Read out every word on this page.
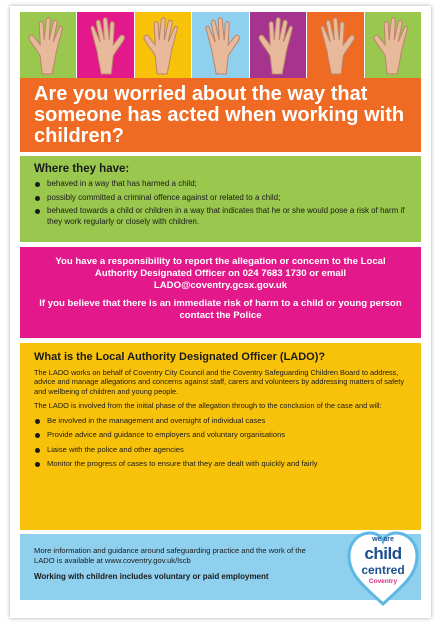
Are you worried about the way that someone has acted when working with children?
Where they have:
behaved in a way that has harmed a child;
possibly committed a criminal offence against or related to a child;
behaved towards a child or children in a way that indicates that he or she would pose a risk of harm if they work regularly or closely with children.

You have a responsibility to report the allegation or concern to the Local Authority Designated Officer on 024 7683 1730 or email LADO@coventry.gcsx.gov.uk

If you believe that there is an immediate risk of harm to a child or young person contact the Police

What is the Local Authority Designated Officer (LADO)?

The LADO works on behalf of Coventry City Council and the Coventry Safeguarding Children Board to address, advice and manage allegations and concerns against staff, carers and volunteers by addressing matters of safety and wellbeing of children and young people.

The LADO is involved from the initial phase of the allegation through to the conclusion of the case and will:

Be involved in the management and oversight of individual cases
Provide advice and guidance to employers and voluntary organisations
Liaise with the police and other agencies
Monitor the progress of cases to ensure that they are dealt with quickly and fairly

More information and guidance around safeguarding practice and the work of the LADO is available at www.coventry.gov.uk/lscb

Working with children includes voluntary or paid employment

we are
child
centred
Coventry
